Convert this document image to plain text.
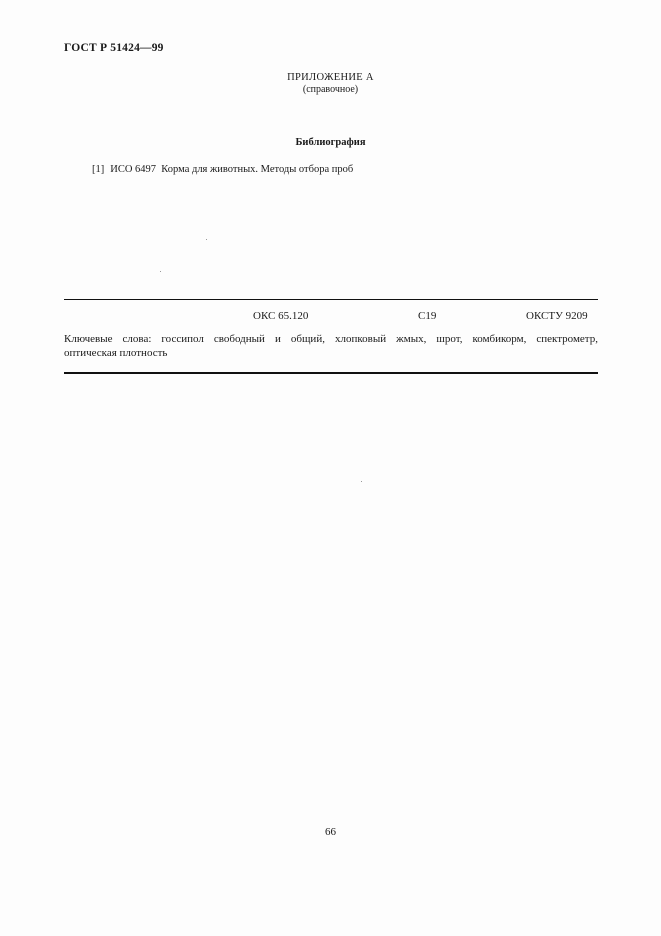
ГОСТ Р 51424—99
ПРИЛОЖЕНИЕ А
(справочное)
Библиография
[1] ИСО 6497  Корма для животных. Методы отбора проб
ОКС 65.120	С19	ОКСТУ 9209
Ключевые слова: госсипол свободный и общий, хлопковый жмых, шрот, комбикорм, спектрометр,
оптическая плотность
66
